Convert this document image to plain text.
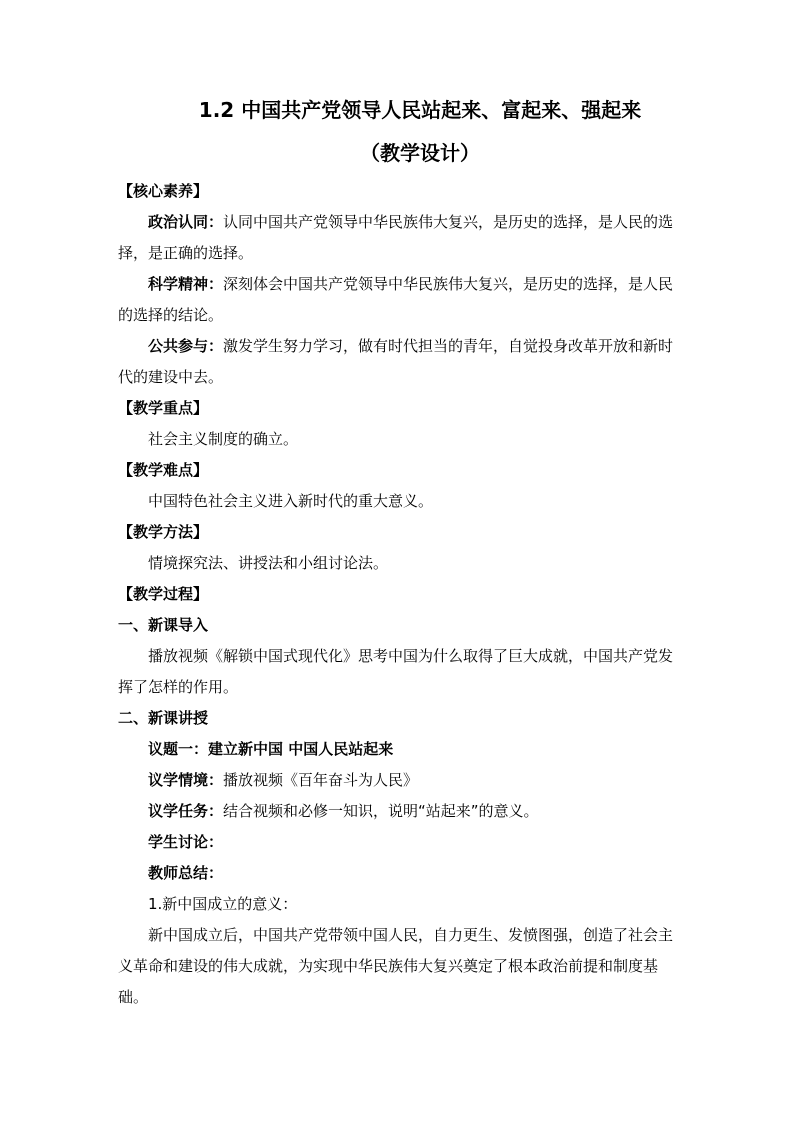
1.2 中国共产党领导人民站起来、富起来、强起来
（教学设计）

【核心素养】

政治认同：认同中国共产党领导中华民族伟大复兴，是历史的选择，是人民的选择，是正确的选择。

科学精神：深刻体会中国共产党领导中华民族伟大复兴，是历史的选择，是人民的选择的结论。

公共参与：激发学生努力学习，做有时代担当的青年，自觉投身改革开放和新时代的建设中去。

【教学重点】

社会主义制度的确立。

【教学难点】

中国特色社会主义进入新时代的重大意义。

【教学方法】

情境探究法、讲授法和小组讨论法。

【教学过程】

一、新课导入

播放视频《解锁中国式现代化》思考中国为什么取得了巨大成就，中国共产党发挥了怎样的作用。

二、新课讲授

议题一：建立新中国 中国人民站起来

议学情境：播放视频《百年奋斗为人民》

议学任务：结合视频和必修一知识，说明“站起来”的意义。

学生讨论：

教师总结：

1.新中国成立的意义：

新中国成立后，中国共产党带领中国人民，自力更生、发愤图强，创造了社会主义革命和建设的伟大成就，为实现中华民族伟大复兴奠定了根本政治前提和制度基础。
